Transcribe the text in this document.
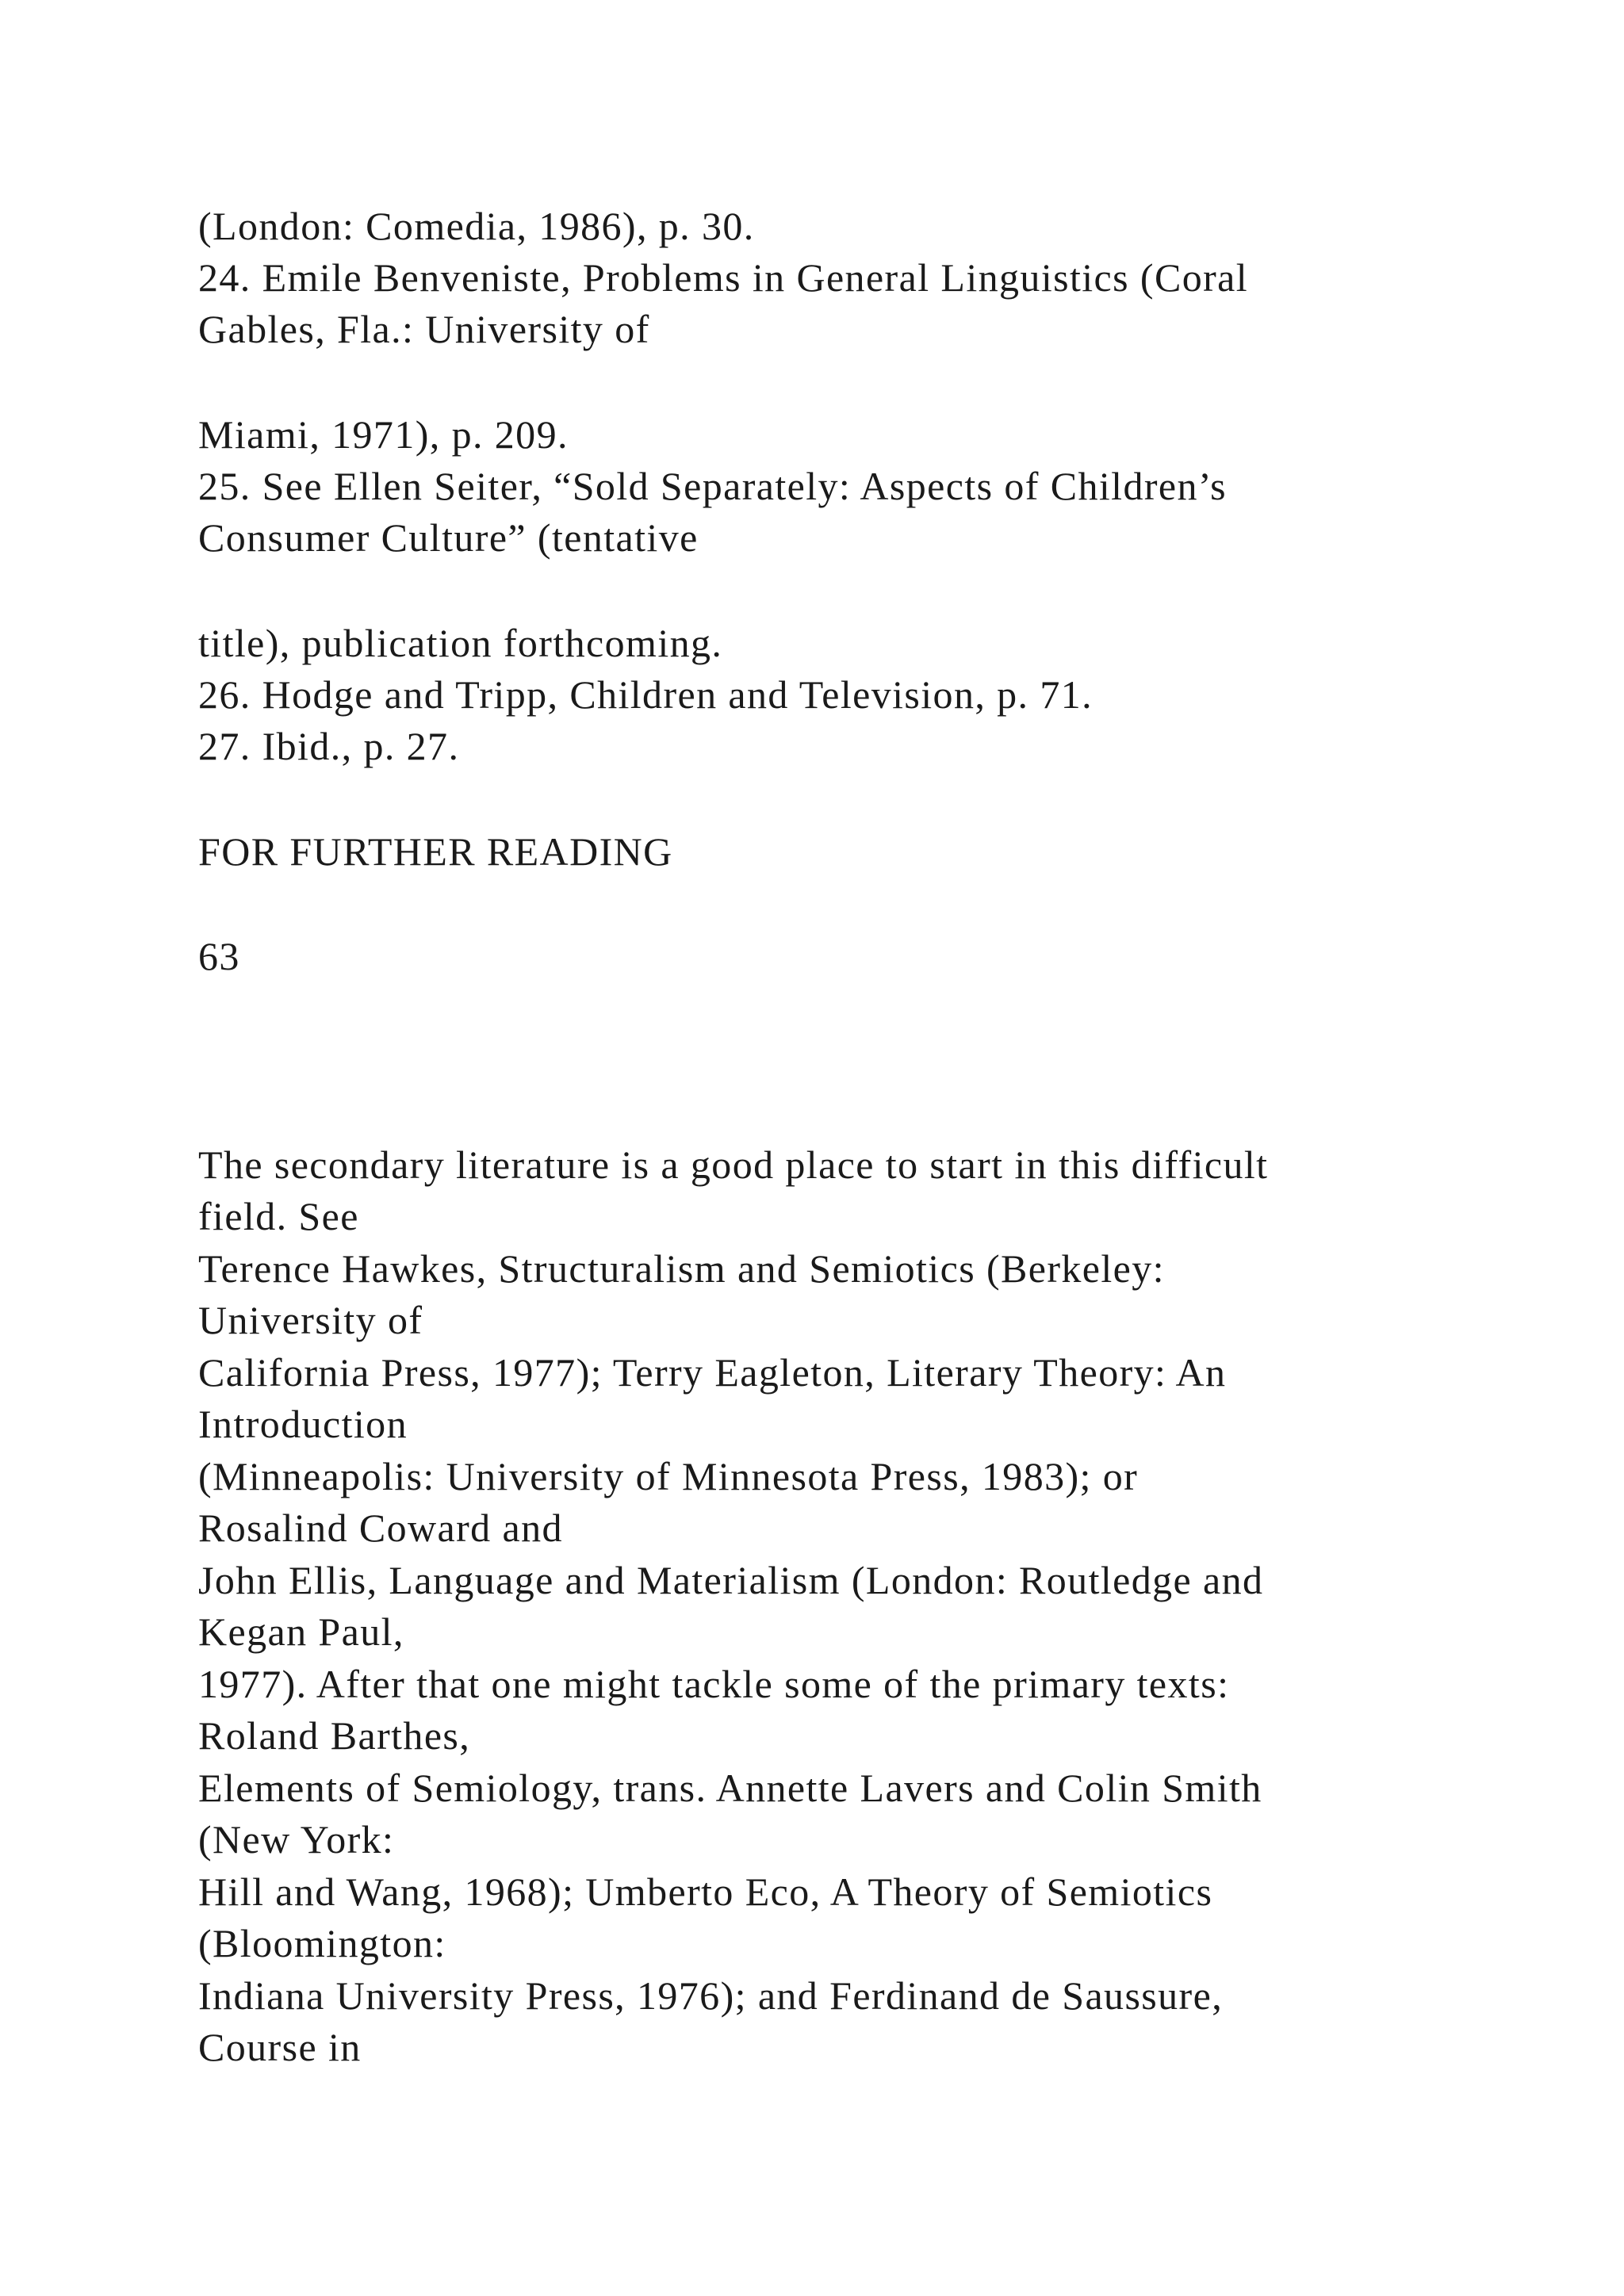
(London: Comedia, 1986), p. 30.

24. Emile Benveniste, Problems in General Linguistics (Coral

Gables, Fla.: University of

Miami, 1971), p. 209.

25. See Ellen Seiter, “Sold Separately: Aspects of Children’s

Consumer Culture” (tentative

title), publication forthcoming.

26. Hodge and Tripp, Children and Television, p. 71.

27. Ibid., p. 27.

FOR FURTHER READING

63

The secondary literature is a good place to start in this difficult

field. See

Terence Hawkes, Structuralism and Semiotics (Berkeley:

University of

California Press, 1977); Terry Eagleton, Literary Theory: An

Introduction

(Minneapolis: University of Minnesota Press, 1983); or

Rosalind Coward and

John Ellis, Language and Materialism (London: Routledge and

Kegan Paul,

1977). After that one might tackle some of the primary texts:

Roland Barthes,

Elements of Semiology, trans. Annette Lavers and Colin Smith

(New York:

Hill and Wang, 1968); Umberto Eco, A Theory of Semiotics

(Bloomington:

Indiana University Press, 1976); and Ferdinand de Saussure,

Course in
